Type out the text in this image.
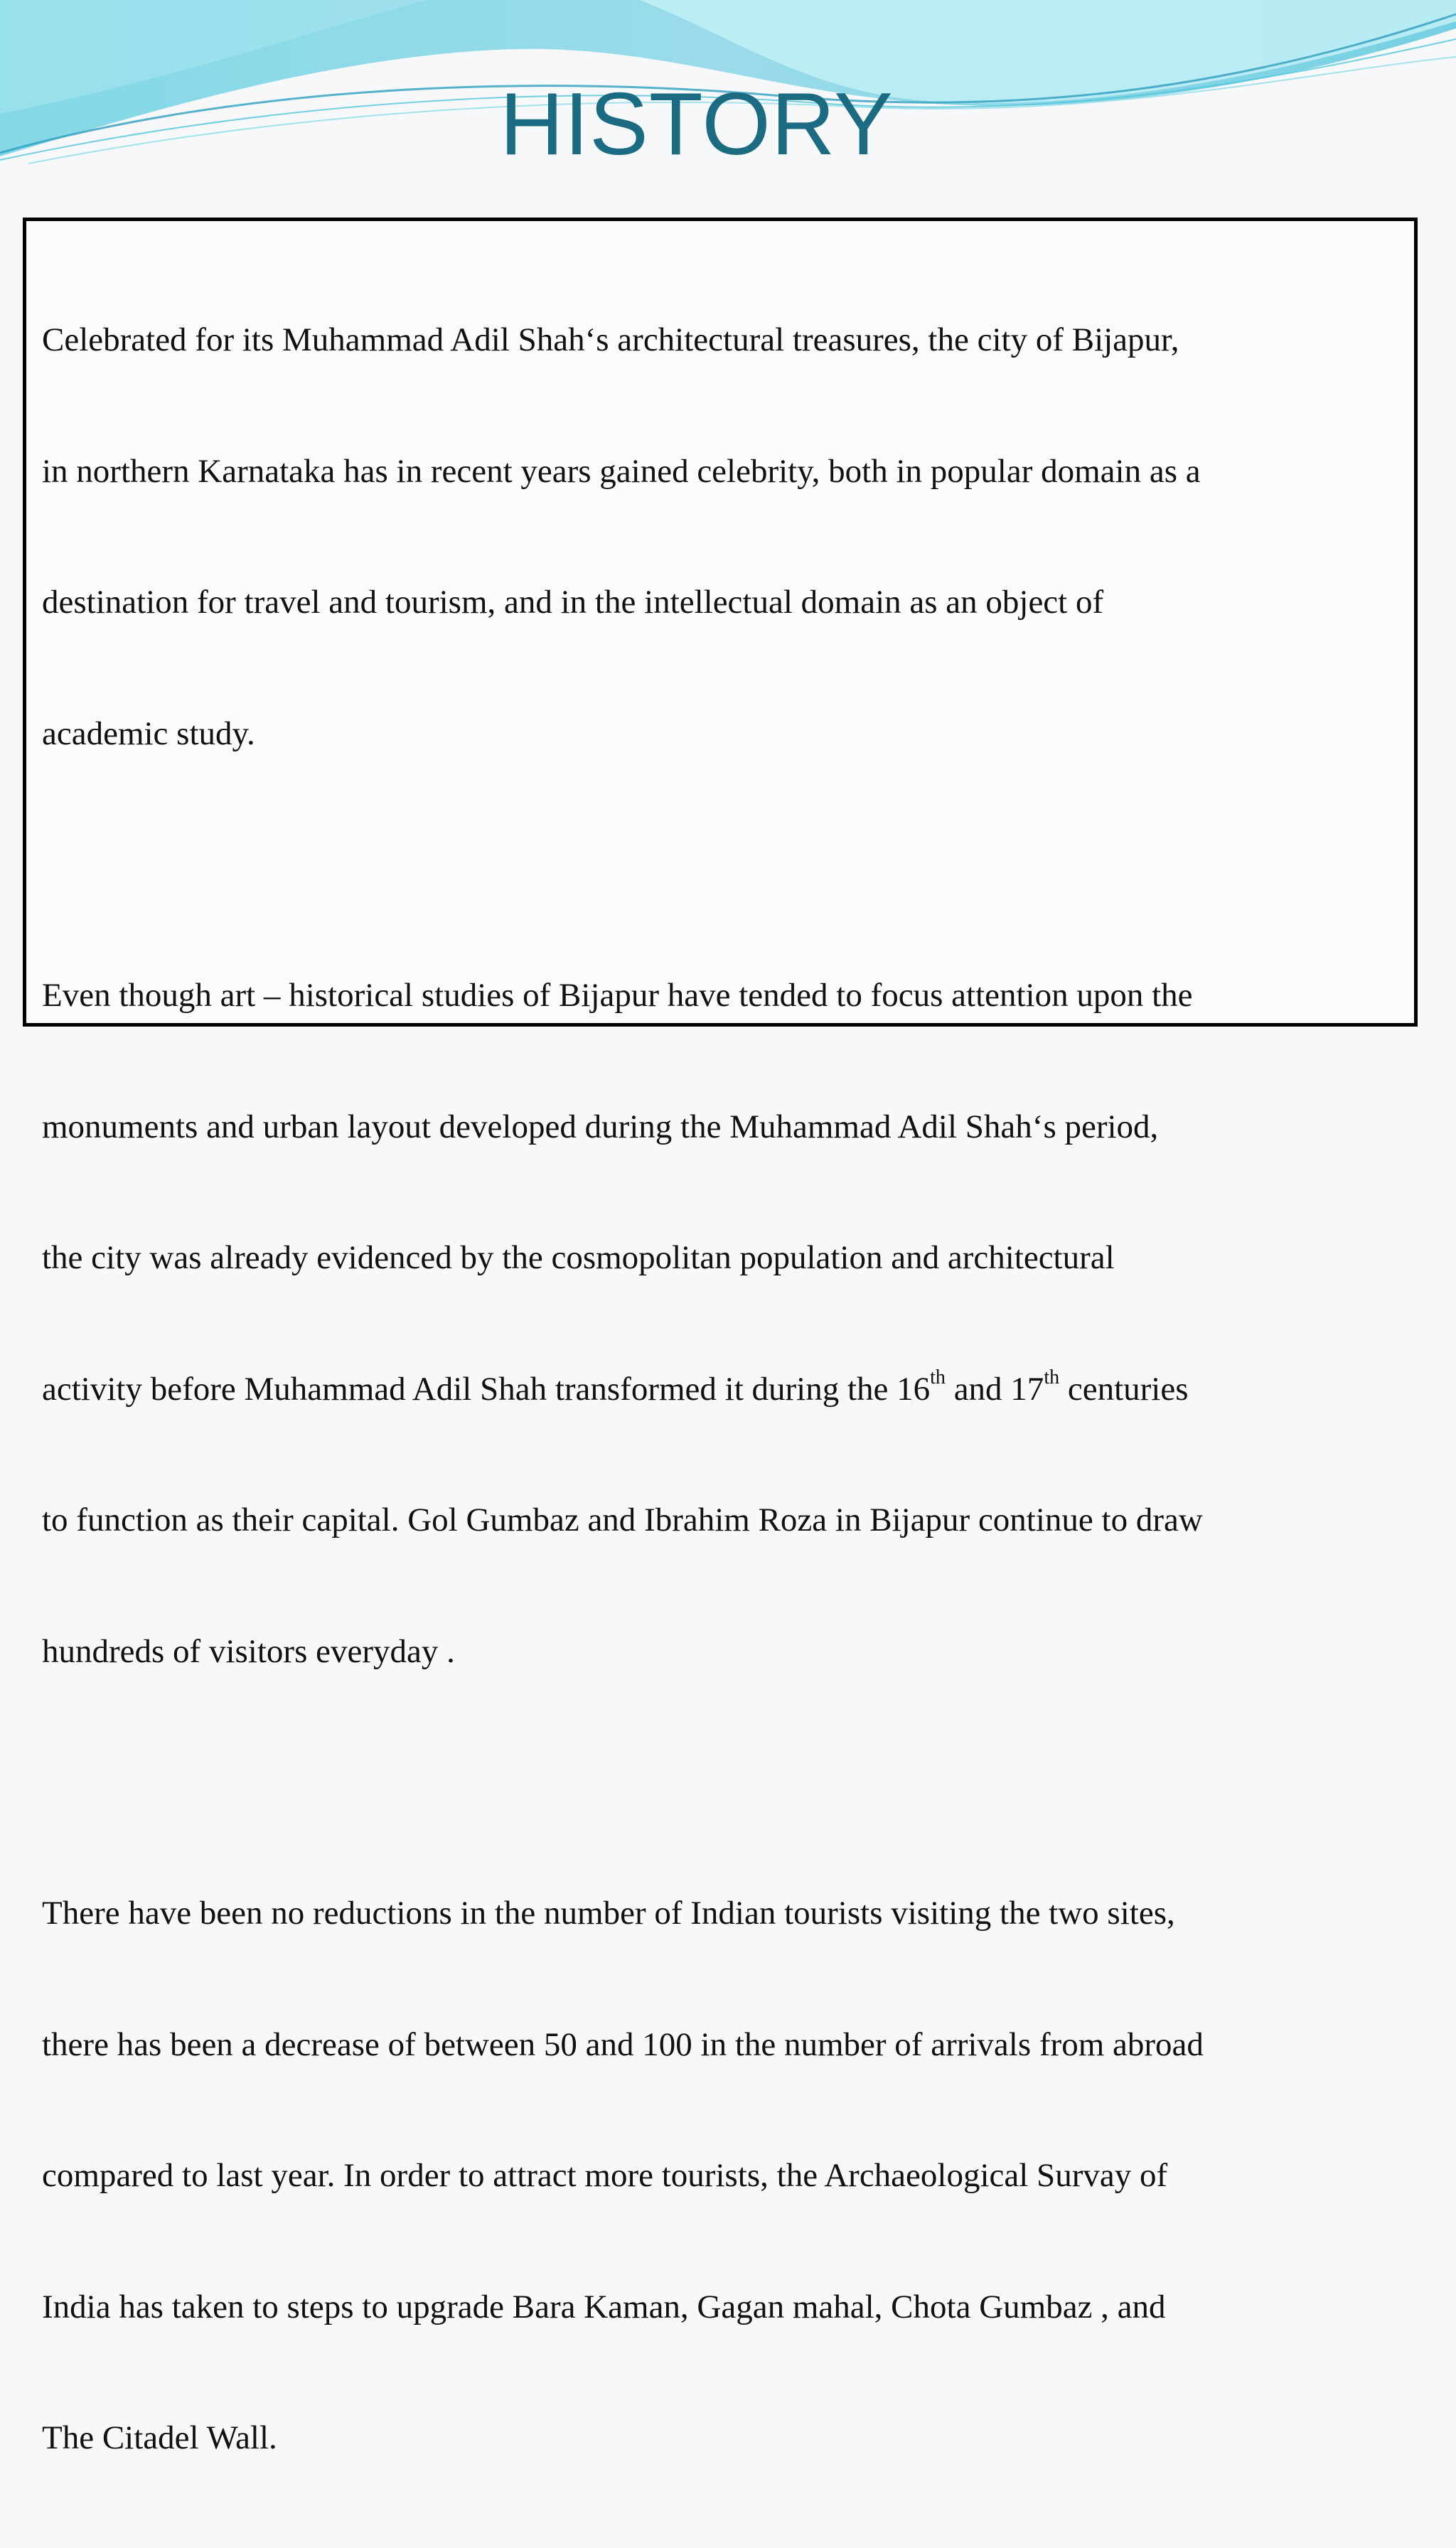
HISTORY

Celebrated for its Muhammad Adil Shah‘s architectural treasures, the city of Bijapur,

in northern Karnataka has in recent years gained celebrity, both in popular domain as a

destination for travel and tourism, and in the intellectual domain as an object of

academic study.

Even though art – historical studies of Bijapur have tended to focus attention upon the

monuments and urban layout developed during the Muhammad Adil Shah‘s period,

the city was already evidenced by the cosmopolitan population and architectural

activity before Muhammad Adil Shah transformed it during the 16th and 17th centuries

to function as their capital. Gol Gumbaz and Ibrahim Roza in Bijapur continue to draw

hundreds of visitors everyday .

There have been no reductions in the number of Indian tourists visiting the two sites,

there has been a decrease of between 50 and 100 in the number of arrivals from abroad

compared to last year. In order to attract more tourists, the Archaeological Survay of

India has taken to steps to upgrade Bara Kaman, Gagan mahal, Chota Gumbaz , and

The Citadel Wall.
